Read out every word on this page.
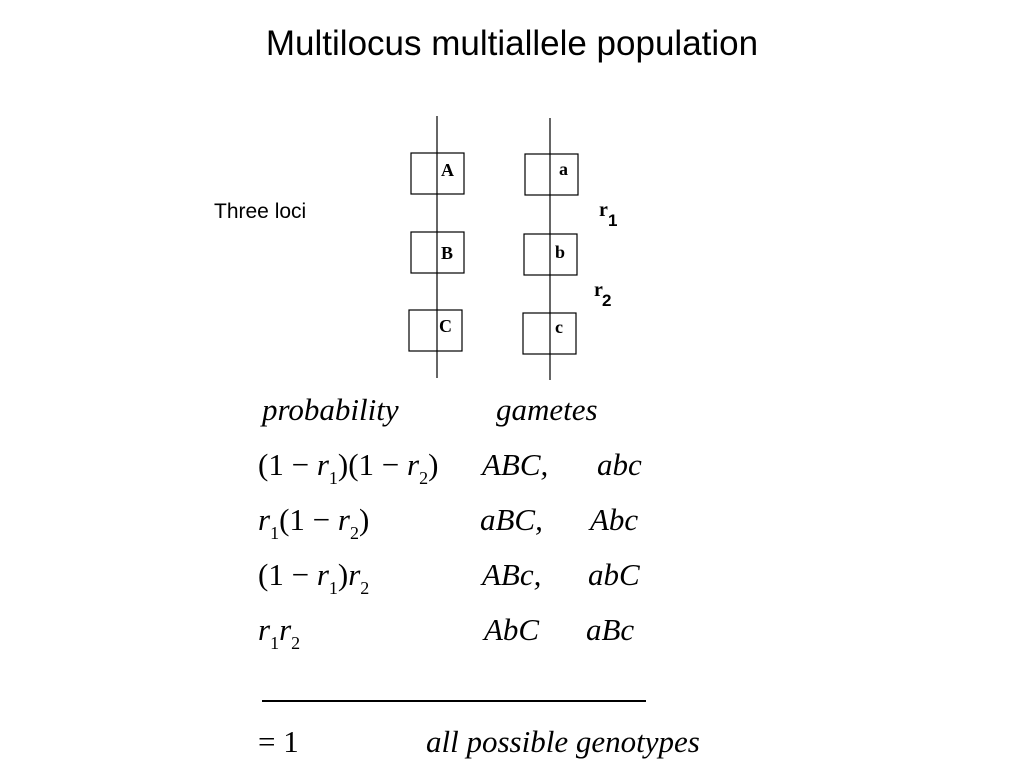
Multilocus multiallele population
Three loci
A
B
C
a
b
c
r 1
r 2
probability	gametes
$(1 - r_1)(1 - r_2)$ ABC, abc
$r_1(1 - r_2)$	aBC, Abc
$(1 - r_1)r_2$	ABc, abC
$r_1r_2$	AbC aBc
= 1	all possible genotypes
